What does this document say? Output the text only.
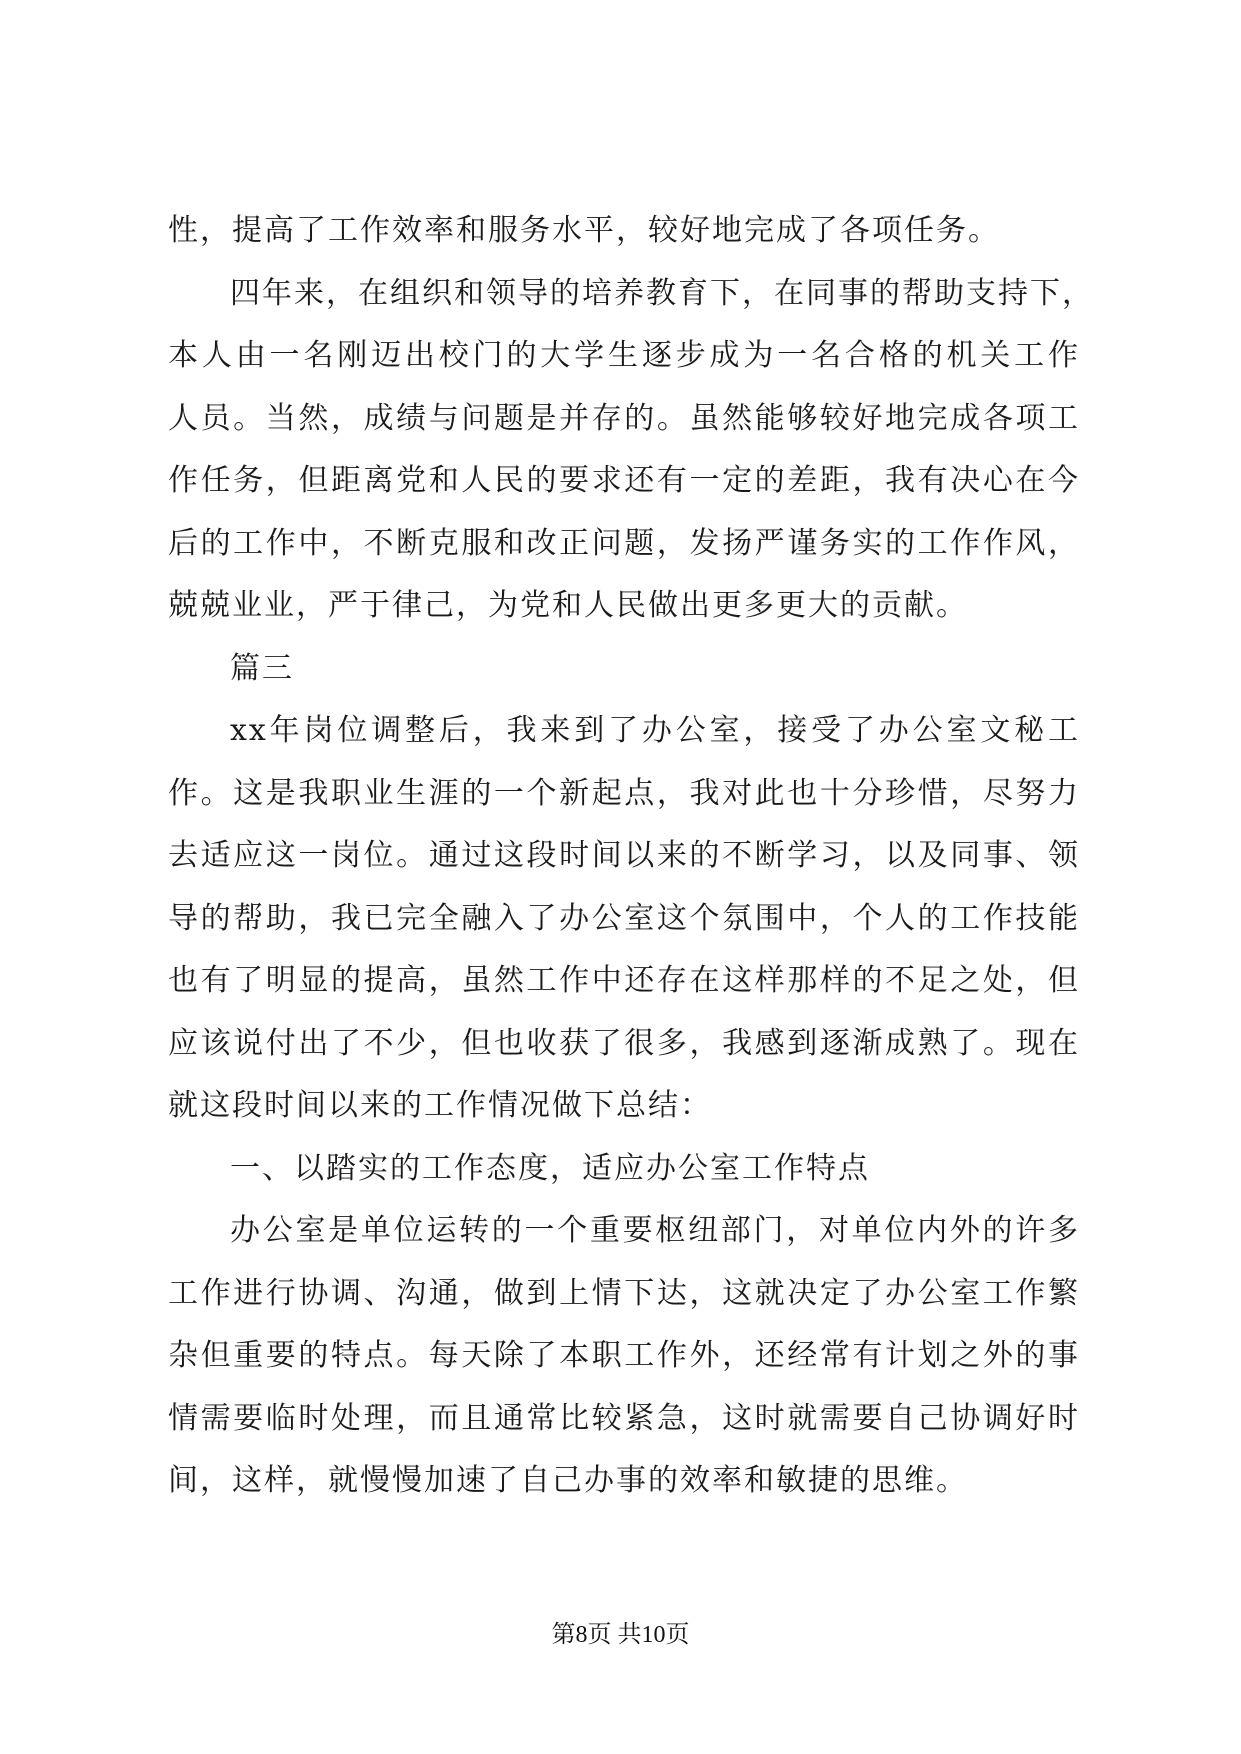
性，提高了工作效率和服务水平，较好地完成了各项任务。
四年来，在组织和领导的培养教育下，在同事的帮助支持下，
本人由一名刚迈出校门的大学生逐步成为一名合格的机关工作
人员。当然，成绩与问题是并存的。虽然能够较好地完成各项工
作任务，但距离党和人民的要求还有一定的差距，我有决心在今
后的工作中，不断克服和改正问题，发扬严谨务实的工作作风，
兢兢业业，严于律己，为党和人民做出更多更大的贡献。
篇三
xx年岗位调整后，我来到了办公室，接受了办公室文秘工
作。这是我职业生涯的一个新起点，我对此也十分珍惜，尽努力
去适应这一岗位。通过这段时间以来的不断学习，以及同事、领
导的帮助，我已完全融入了办公室这个氛围中，个人的工作技能
也有了明显的提高，虽然工作中还存在这样那样的不足之处，但
应该说付出了不少，但也收获了很多，我感到逐渐成熟了。现在
就这段时间以来的工作情况做下总结：
一、以踏实的工作态度，适应办公室工作特点
办公室是单位运转的一个重要枢纽部门，对单位内外的许多
工作进行协调、沟通，做到上情下达，这就决定了办公室工作繁
杂但重要的特点。每天除了本职工作外，还经常有计划之外的事
情需要临时处理，而且通常比较紧急，这时就需要自己协调好时
间，这样，就慢慢加速了自己办事的效率和敏捷的思维。
第8页 共10页
